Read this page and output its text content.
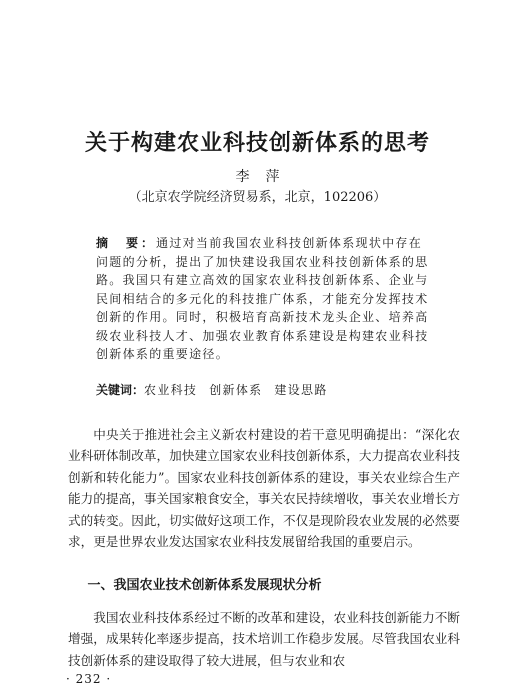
关于构建农业科技创新体系的思考
李萍
（北京农学院经济贸易系，北京，102206）
摘　要：通过对当前我国农业科技创新体系现状中存在问题的分析，提出了加快建设我国农业科技创新体系的思路。我国只有建立高效的国家农业科技创新体系、企业与民间相结合的多元化的科技推广体系，才能充分发挥技术创新的作用。同时，积极培育高新技术龙头企业、培养高级农业科技人才、加强农业教育体系建设是构建农业科技创新体系的重要途径。
关键词：农业科技 创新体系 建设思路

中央关于推进社会主义新农村建设的若干意见明确提出：“深化农业科研体制改革，加快建立国家农业科技创新体系，大力提高农业科技创新和转化能力”。国家农业科技创新体系的建设，事关农业综合生产能力的提高，事关国家粮食安全，事关农民持续增收，事关农业增长方式的转变。因此，切实做好这项工作，不仅是现阶段农业发展的必然要求，更是世界农业发达国家农业科技发展留给我国的重要启示。

一、我国农业技术创新体系发展现状分析

我国农业科技体系经过不断的改革和建设，农业科技创新能力不断增强，成果转化率逐步提高，技术培训工作稳步发展。尽管我国农业科技创新体系的建设取得了较大进展，但与农业和农

· 232 ·
